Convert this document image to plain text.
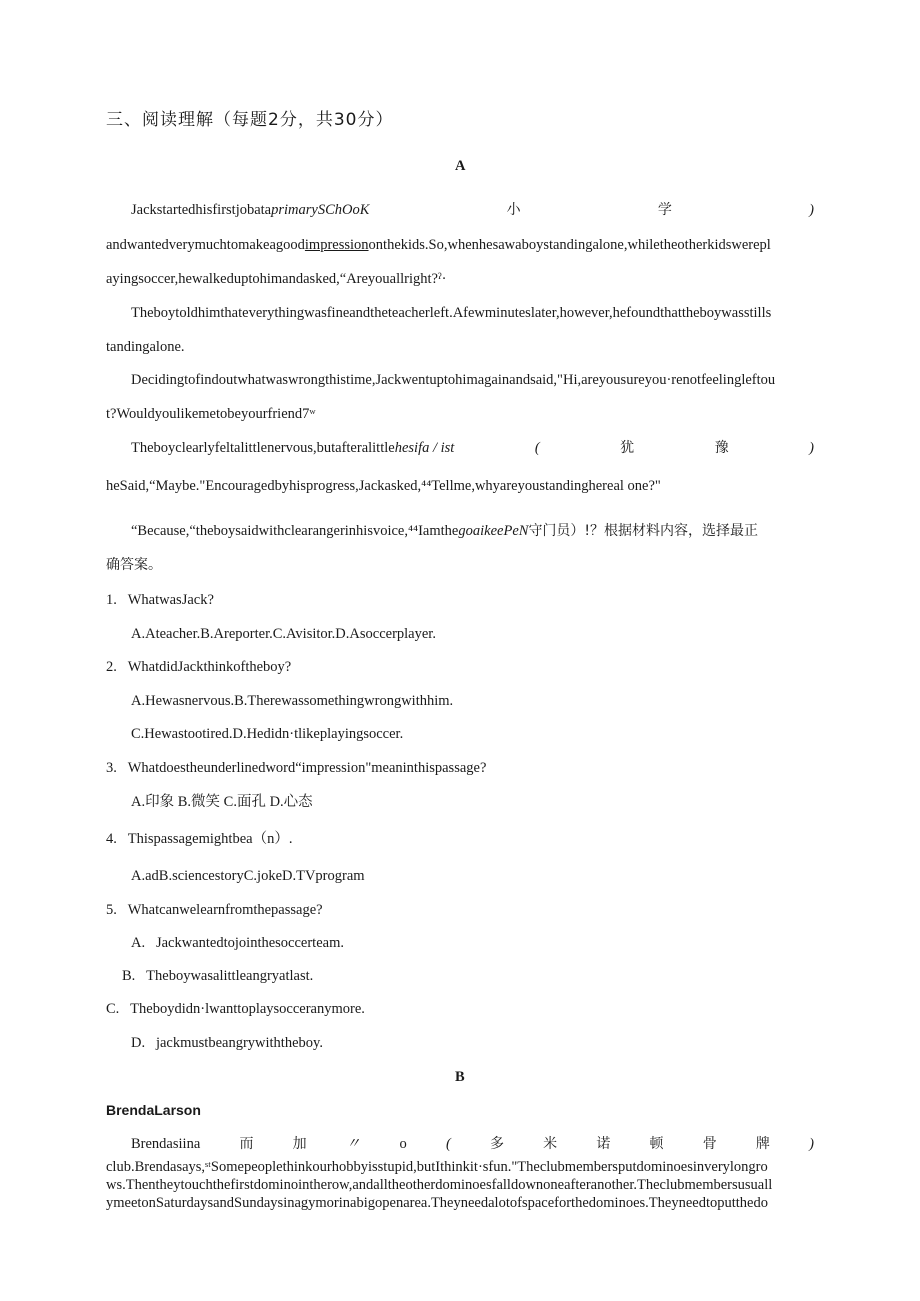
三、阅读理解（每题2分，共30分）
A
JackstartedhisfirstjobataprimarySChOoK	小	学	)
andwantedverymuchtomakeagoodimpressiononthekids.So,whenhesawaboystandingalone,whiletheotherkidswerepl
ayingsoccer,hewalkeduptohimandasked,“Areyouallright?ˀ·
Theboytoldhimthateverythingwasfineandtheteacherleft.Afewminuteslater,however,hefoundthattheboywasstills
tandingalone.
Decidingtofindoutwhatwaswrongthistime,Jackwentuptohimagainandsaid,"Hi,areyousureyou·renotfeelingleftou
t?Wouldyoulikemetobeyourfriend7ʷ
Theboyclearlyfeltalittlenervous,butafteralittlehesifa / ist	(	犹	豫	)
heSaid,“Maybe."Encouragedbyhisprogress,Jackasked,⁴⁴Tellme,whyareyoustandinghereal one?"
“Because,“theboysaidwithclearangerinhisvoice,⁴⁴IamthegoaikeePeN守门员）!？根据材料内容，选择最正
确答案。
1.   WhatwasJack?
A.Ateacher.B.Areporter.C.Avisitor.D.Asoccerplayer.
2.   WhatdidJackthinkoftheboy?
A.Hewasnervous.B.Therewassomethingwrongwithhim.
C.Hewastootired.D.Hedidn·tlikeplayingsoccer.
3.   Whatdoestheunderlinedword“impression"meaninthispassage?
A.印象 B.微笑 C.面孔 D.心态
4.   Thispassagemightbea（n）.
A.adB.sciencestoryC.jokeD.TVprogram
5.   Whatcanwelearnfromthepassage?
A.   Jackwantedtojointhesoccerteam.
B.   Theboywasalittleangryatlast.
C.   Theboydidn·lwanttoplaysocceranymore.
D.   jackmustbeangrywiththeboy.
B
BrendaLarson
Brendasiina	而	加	〃	o	(	多	米	诺	顿	骨	牌	)
club.Brendasays,ˢᵗSomepeoplethinkourhobbyisstupid,butIthinkit·sfun."Theclubmembersputdominoesinverylongro
ws.Thentheytouchthefirstdominointherow,andalltheotherdominoesfalldownoneafteranother.Theclubmembersusuall
ymeetonSaturdaysandSundaysinagymorinabigopenarea.Theyneedalotofspaceforthedominoes.Theyneedtoputthedo
